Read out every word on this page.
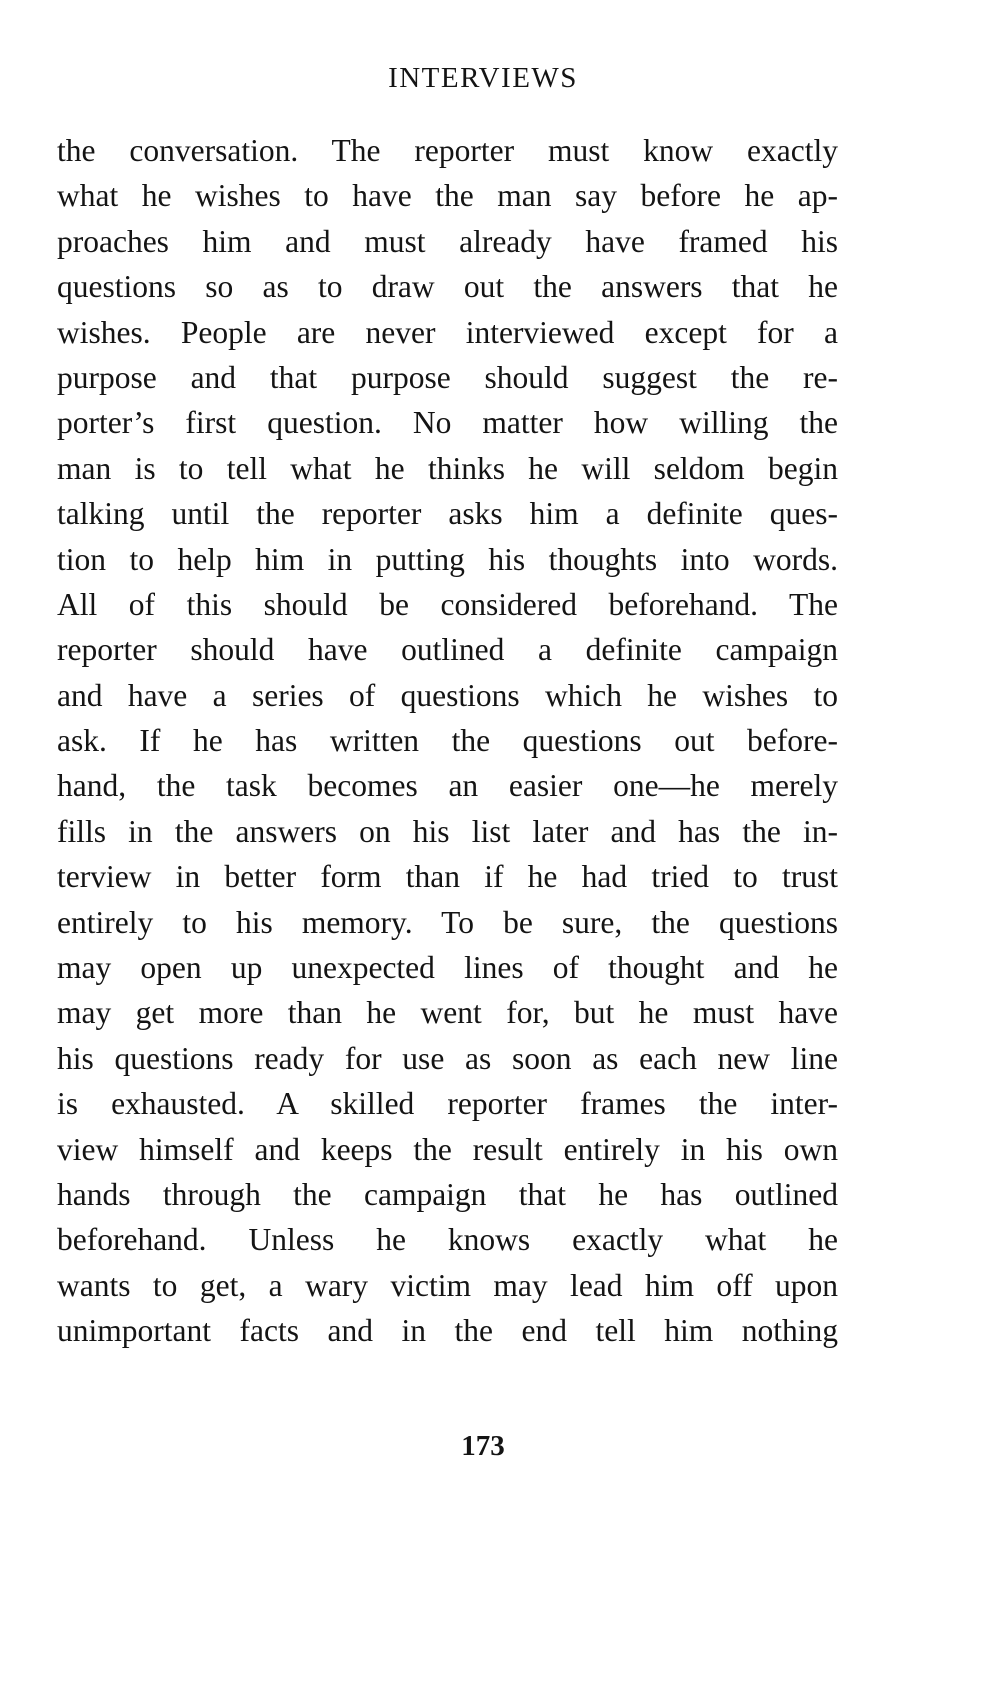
INTERVIEWS
the conversation. The reporter must know exactly
what he wishes to have the man say before he ap-
proaches him and must already have framed his
questions so as to draw out the answers that he
wishes. People are never interviewed except for a
purpose and that purpose should suggest the re-
porter’s first question. No matter how willing the
man is to tell what he thinks he will seldom begin
talking until the reporter asks him a definite ques-
tion to help him in putting his thoughts into words.
All of this should be considered beforehand. The
reporter should have outlined a definite campaign
and have a series of questions which he wishes to
ask. If he has written the questions out before-
hand, the task becomes an easier one—he merely
fills in the answers on his list later and has the in-
terview in better form than if he had tried to trust
entirely to his memory. To be sure, the questions
may open up unexpected lines of thought and he
may get more than he went for, but he must have
his questions ready for use as soon as each new line
is exhausted. A skilled reporter frames the inter-
view himself and keeps the result entirely in his own
hands through the campaign that he has outlined
beforehand. Unless he knows exactly what he
wants to get, a wary victim may lead him off upon
unimportant facts and in the end tell him nothing
173
